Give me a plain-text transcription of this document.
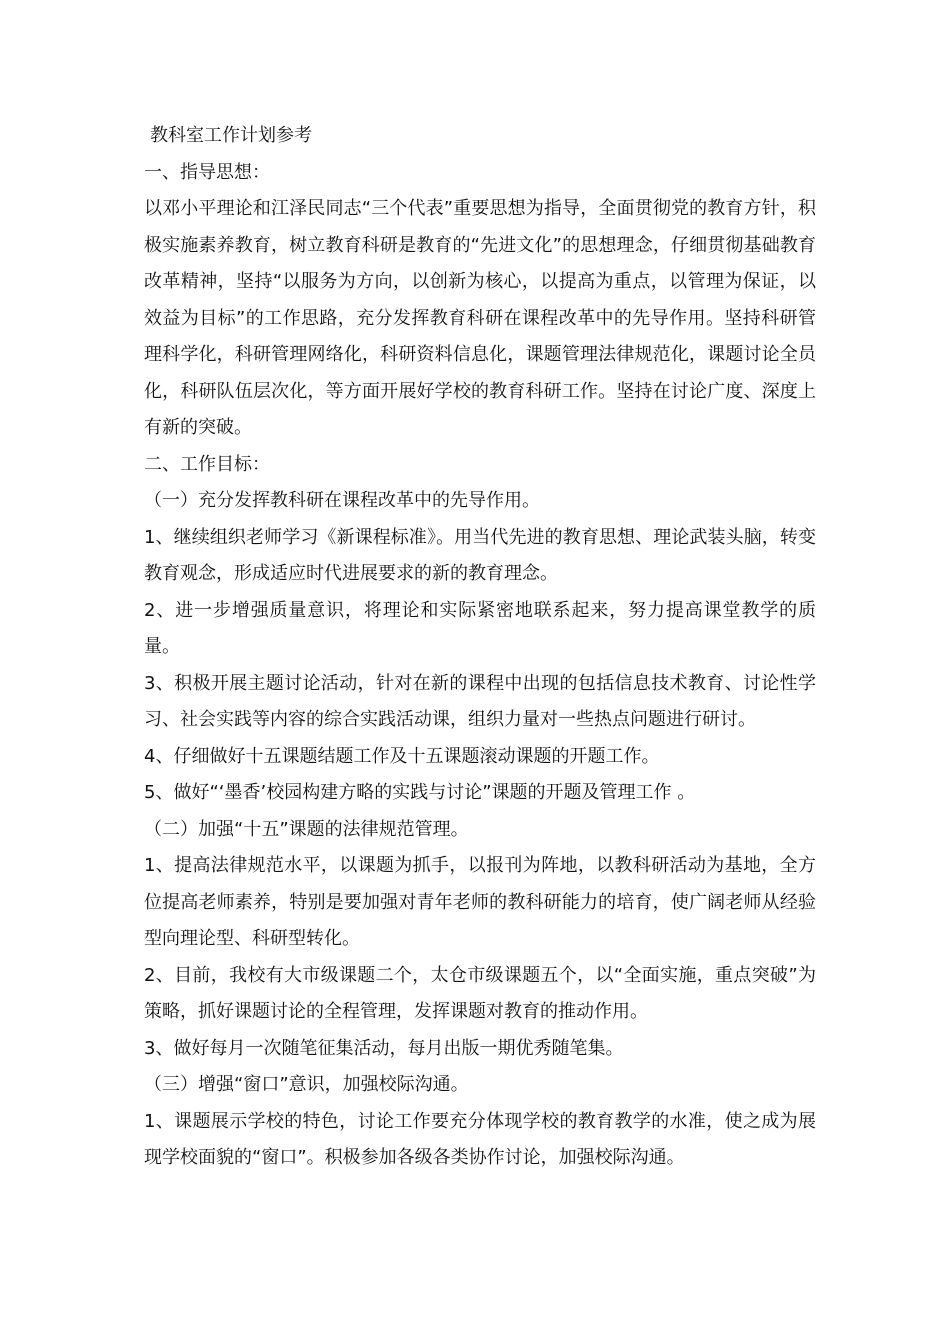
教科室工作计划参考

一、指导思想：

以邓小平理论和江泽民同志“三个代表”重要思想为指导，全面贯彻党的教育方针，积极实施素养教育，树立教育科研是教育的“先进文化”的思想理念，仔细贯彻基础教育改革精神，坚持“以服务为方向，以创新为核心，以提高为重点，以管理为保证，以效益为目标”的工作思路，充分发挥教育科研在课程改革中的先导作用。坚持科研管理科学化，科研管理网络化，科研资料信息化，课题管理法律规范化，课题讨论全员化，科研队伍层次化，等方面开展好学校的教育科研工作。坚持在讨论广度、深度上有新的突破。

二、工作目标：

（一）充分发挥教科研在课程改革中的先导作用。

1、继续组织老师学习《新课程标准》。用当代先进的教育思想、理论武装头脑，转变教育观念，形成适应时代进展要求的新的教育理念。

2、进一步增强质量意识，将理论和实际紧密地联系起来，努力提高课堂教学的质量。

3、积极开展主题讨论活动，针对在新的课程中出现的包括信息技术教育、讨论性学习、社会实践等内容的综合实践活动课，组织力量对一些热点问题进行研讨。

4、仔细做好十五课题结题工作及十五课题滚动课题的开题工作。

5、做好“‘墨香’校园构建方略的实践与讨论”课题的开题及管理工作 。

（二）加强“十五”课题的法律规范管理。

1、提高法律规范水平，以课题为抓手，以报刊为阵地，以教科研活动为基地，全方位提高老师素养，特别是要加强对青年老师的教科研能力的培育，使广阔老师从经验型向理论型、科研型转化。

2、目前，我校有大市级课题二个，太仓市级课题五个，以“全面实施，重点突破”为策略，抓好课题讨论的全程管理，发挥课题对教育的推动作用。

3、做好每月一次随笔征集活动，每月出版一期优秀随笔集。

（三）增强“窗口”意识，加强校际沟通。

1、课题展示学校的特色，讨论工作要充分体现学校的教育教学的水准，使之成为展现学校面貌的“窗口”。积极参加各级各类协作讨论，加强校际沟通。
